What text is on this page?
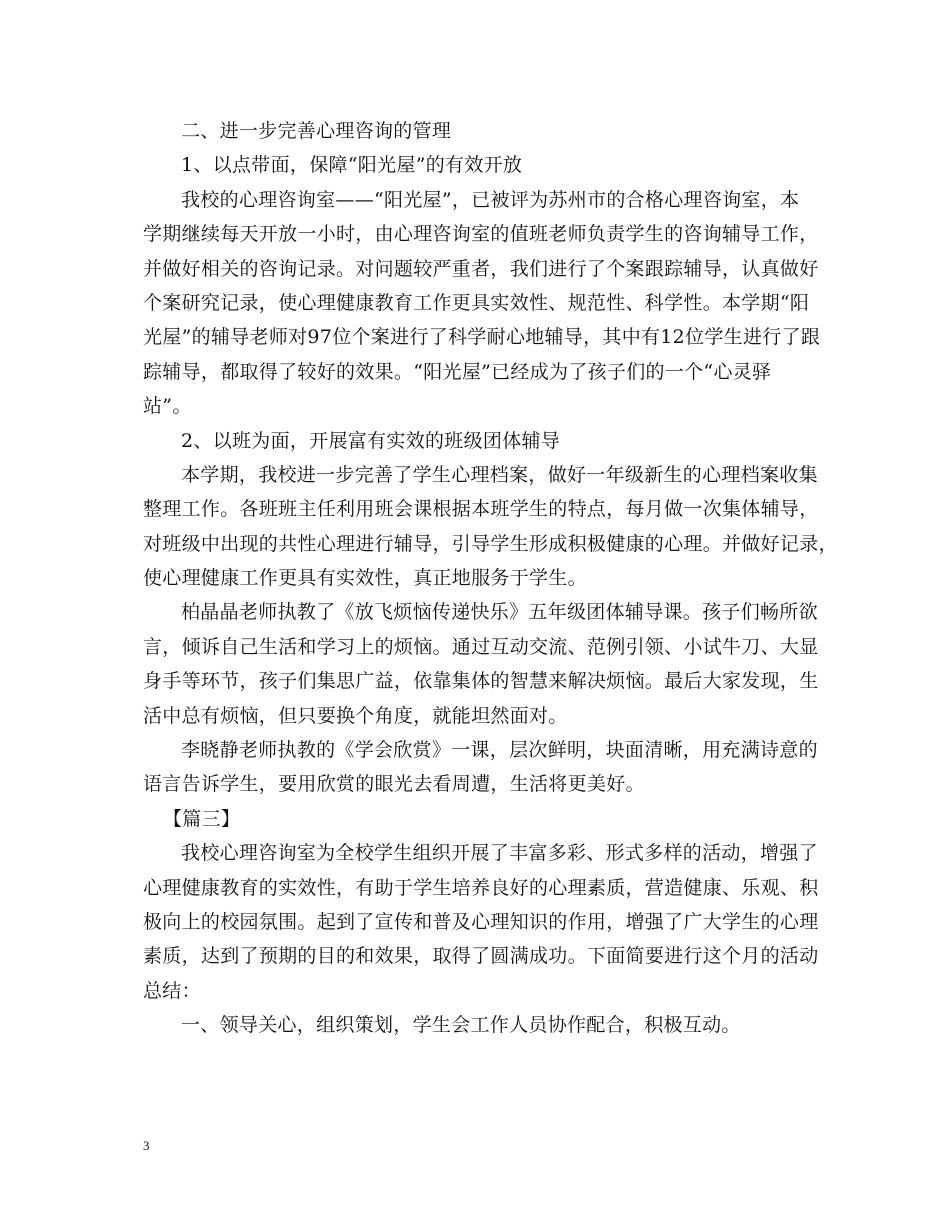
二、进一步完善心理咨询的管理
1、以点带面，保障“阳光屋”的有效开放
我校的心理咨询室——“阳光屋”，已被评为苏州市的合格心理咨询室，本
学期继续每天开放一小时，由心理咨询室的值班老师负责学生的咨询辅导工作，
并做好相关的咨询记录。对问题较严重者，我们进行了个案跟踪辅导，认真做好
个案研究记录，使心理健康教育工作更具实效性、规范性、科学性。本学期“阳
光屋”的辅导老师对97位个案进行了科学耐心地辅导，其中有12位学生进行了跟
踪辅导，都取得了较好的效果。“阳光屋”已经成为了孩子们的一个“心灵驿
站”。
2、以班为面，开展富有实效的班级团体辅导
本学期，我校进一步完善了学生心理档案，做好一年级新生的心理档案收集
整理工作。各班班主任利用班会课根据本班学生的特点，每月做一次集体辅导，
对班级中出现的共性心理进行辅导，引导学生形成积极健康的心理。并做好记录，
使心理健康工作更具有实效性，真正地服务于学生。
柏晶晶老师执教了《放飞烦恼传递快乐》五年级团体辅导课。孩子们畅所欲
言，倾诉自己生活和学习上的烦恼。通过互动交流、范例引领、小试牛刀、大显
身手等环节，孩子们集思广益，依靠集体的智慧来解决烦恼。最后大家发现，生
活中总有烦恼，但只要换个角度，就能坦然面对。
李晓静老师执教的《学会欣赏》一课，层次鲜明，块面清晰，用充满诗意的
语言告诉学生，要用欣赏的眼光去看周遭，生活将更美好。
【篇三】
我校心理咨询室为全校学生组织开展了丰富多彩、形式多样的活动，增强了
心理健康教育的实效性，有助于学生培养良好的心理素质，营造健康、乐观、积
极向上的校园氛围。起到了宣传和普及心理知识的作用，增强了广大学生的心理
素质，达到了预期的目的和效果，取得了圆满成功。下面简要进行这个月的活动
总结：
一、领导关心，组织策划，学生会工作人员协作配合，积极互动。
3
